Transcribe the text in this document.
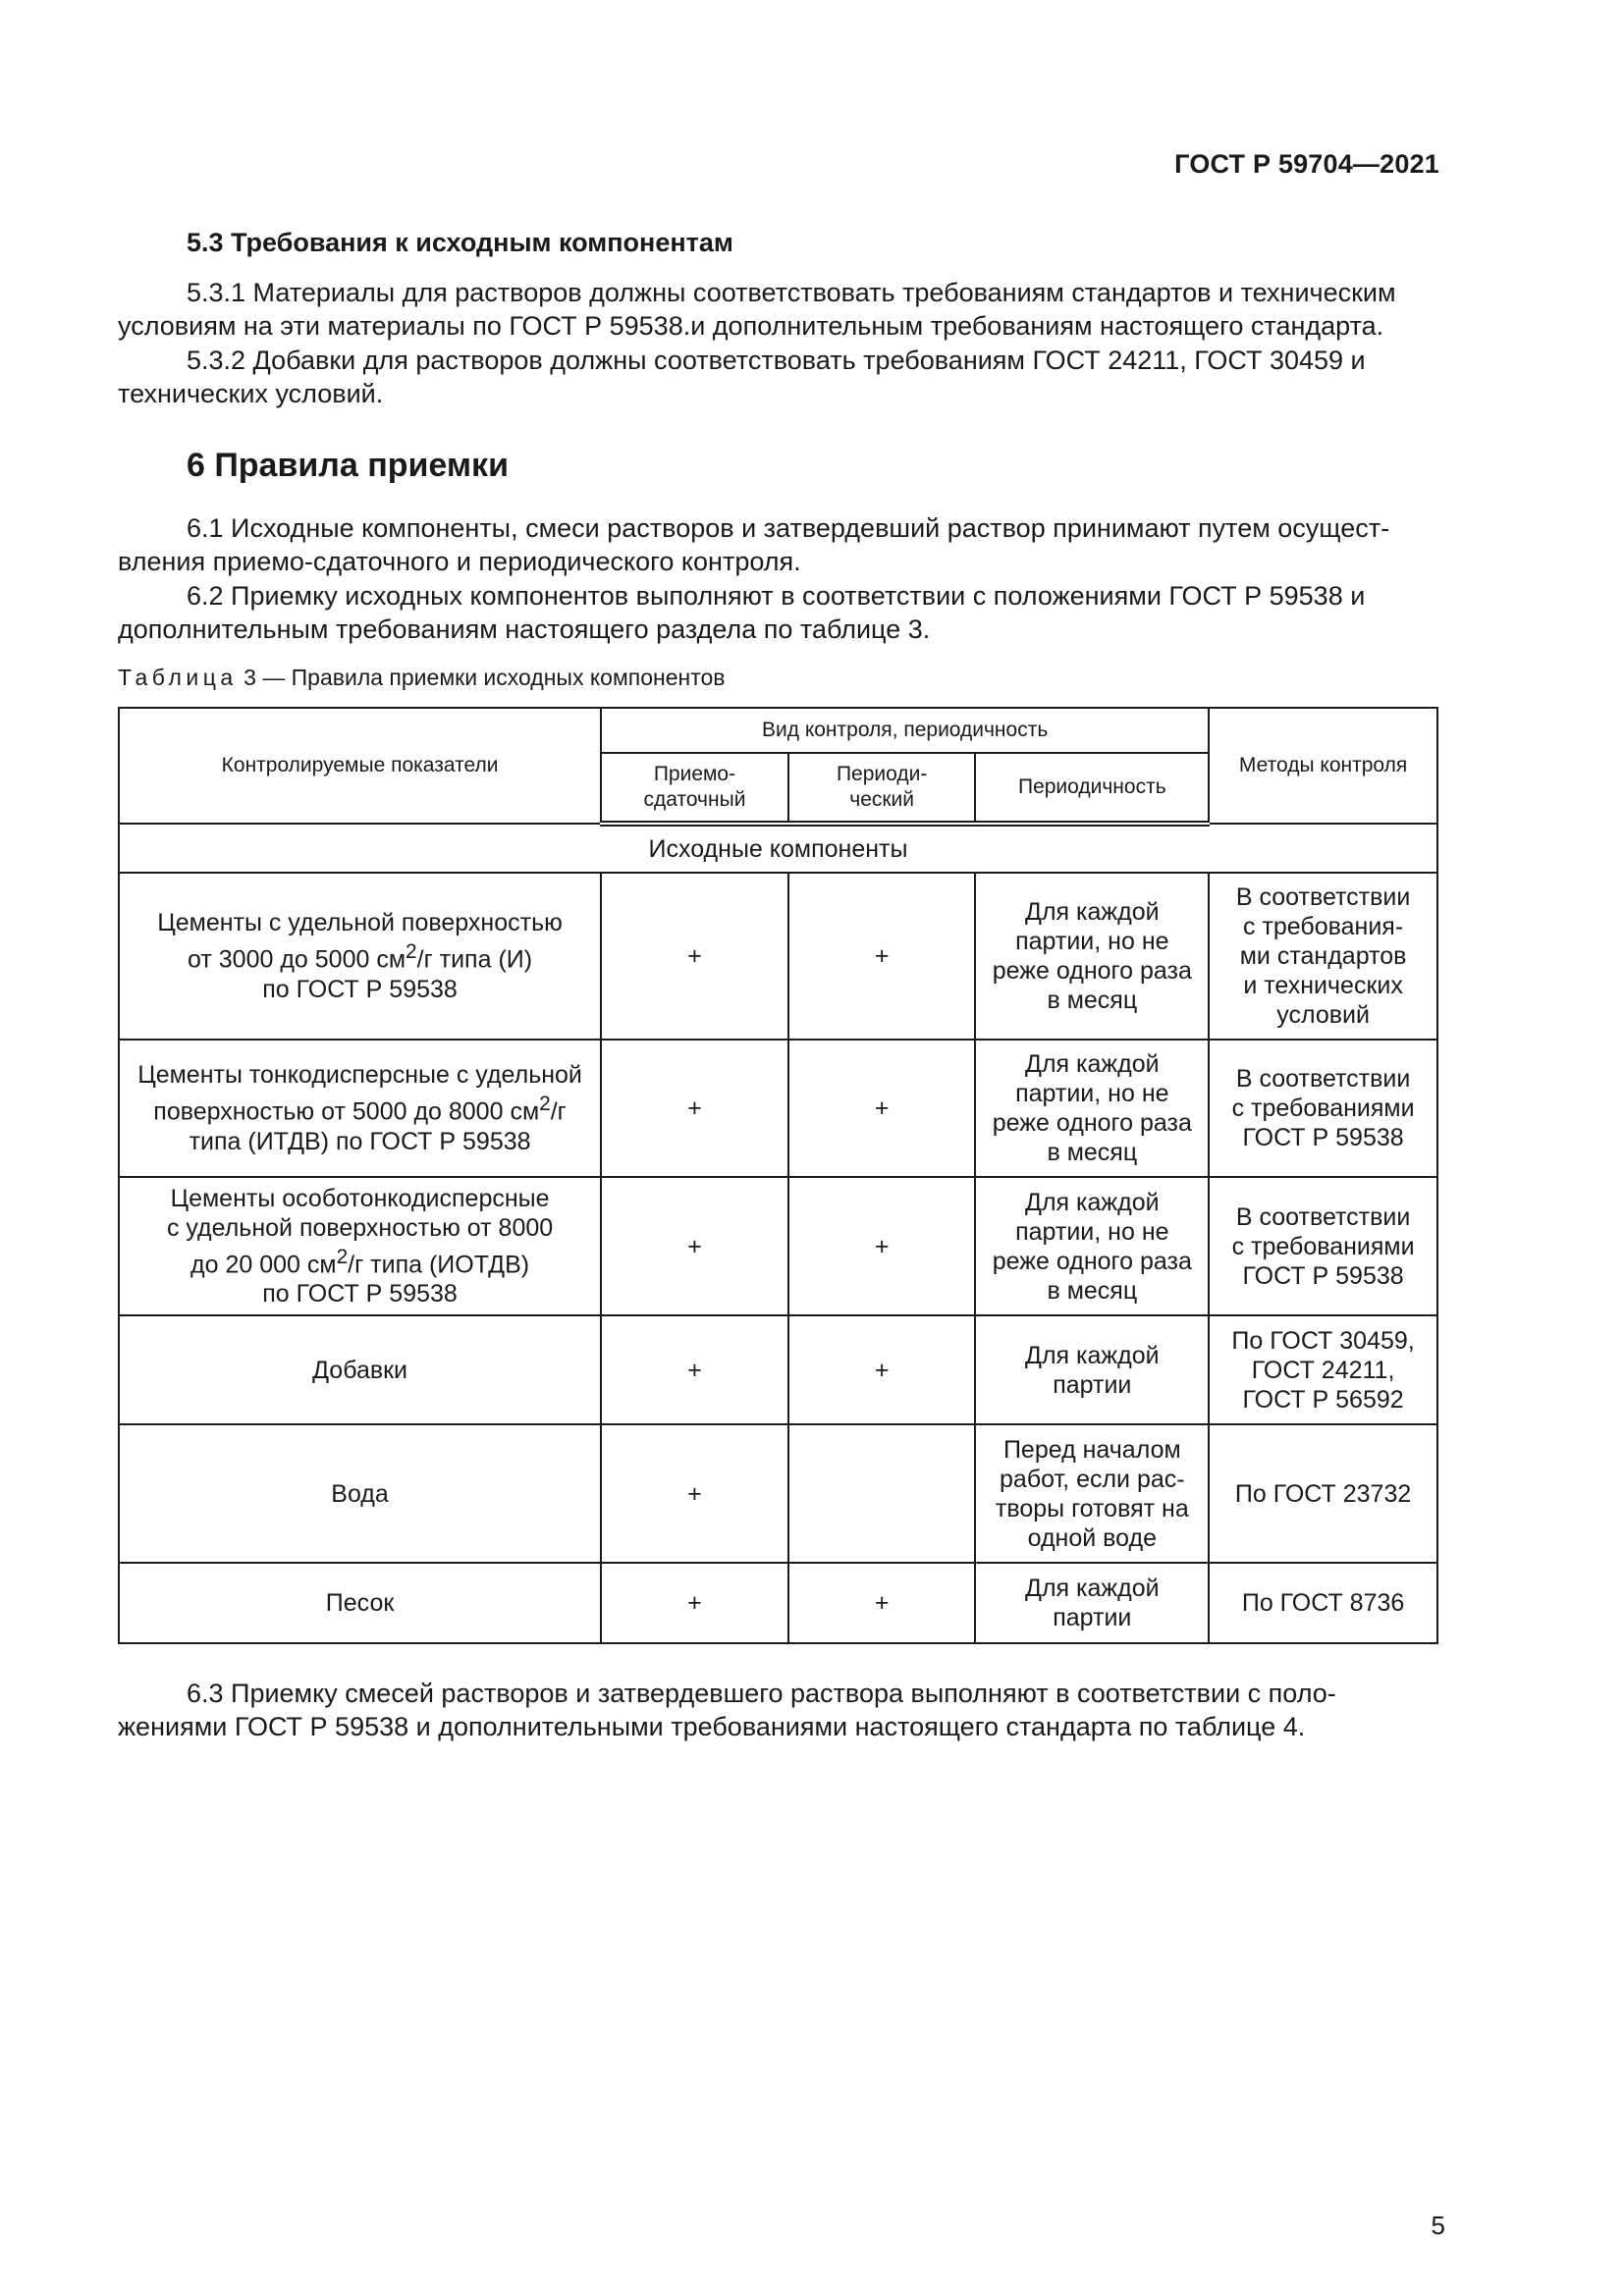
ГОСТ Р 59704—2021
5.3 Требования к исходным компонентам
5.3.1 Материалы для растворов должны соответствовать требованиям стандартов и техническим
условиям на эти материалы по ГОСТ Р 59538.и дополнительным требованиям настоящего стандарта.
5.3.2 Добавки для растворов должны соответствовать требованиям ГОСТ 24211, ГОСТ 30459 и
технических условий.
6 Правила приемки
6.1 Исходные компоненты, смеси растворов и затвердевший раствор принимают путем осущест-
вления приемо-сдаточного и периодического контроля.
6.2 Приемку исходных компонентов выполняют в соответствии с положениями ГОСТ Р 59538 и
дополнительным требованиям настоящего раздела по таблице 3.
Таблица 3 — Правила приемки исходных компонентов
Контролируемые показатели	Вид контроля, периодичность			Методы контроля
	Приемо-
сдаточный	Периоди-
ческий	Периодичность	
Исходные компоненты				
Цементы с удельной поверхностью
от 3000 до 5000 $см^2/г$ типа (И)
по ГОСТ Р 59538	+	+	Для каждой
партии, но не
реже одного раза
в месяц	В соответствии
с требования-
ми стандартов
и технических
условий
Цементы тонкодисперсные с удельной
поверхностью от 5000 до 8000 $см^2/г$
типа (ИТДВ) по ГОСТ Р 59538	+	+	Для каждой
партии, но не
реже одного раза
в месяц	В соответствии
с требованиями
ГОСТ Р 59538
Цементы особотонкодисперсные
с удельной поверхностью от 8000
до 20 000 $см^2/г$ типа (ИОТДВ)
по ГОСТ Р 59538	+	+	Для каждой
партии, но не
реже одного раза
в месяц	В соответствии
с требованиями
ГОСТ Р 59538
Добавки	+	+	Для каждой
партии	По ГОСТ 30459,
ГОСТ 24211,
ГОСТ Р 56592
Вода	+		Перед началом
работ, если рас-
творы готовят на
одной воде	По ГОСТ 23732
Песок	+	+	Для каждой
партии	По ГОСТ 8736
6.3 Приемку смесей растворов и затвердевшего раствора выполняют в соответствии с поло-
жениями ГОСТ Р 59538 и дополнительными требованиями настоящего стандарта по таблице 4.
5
